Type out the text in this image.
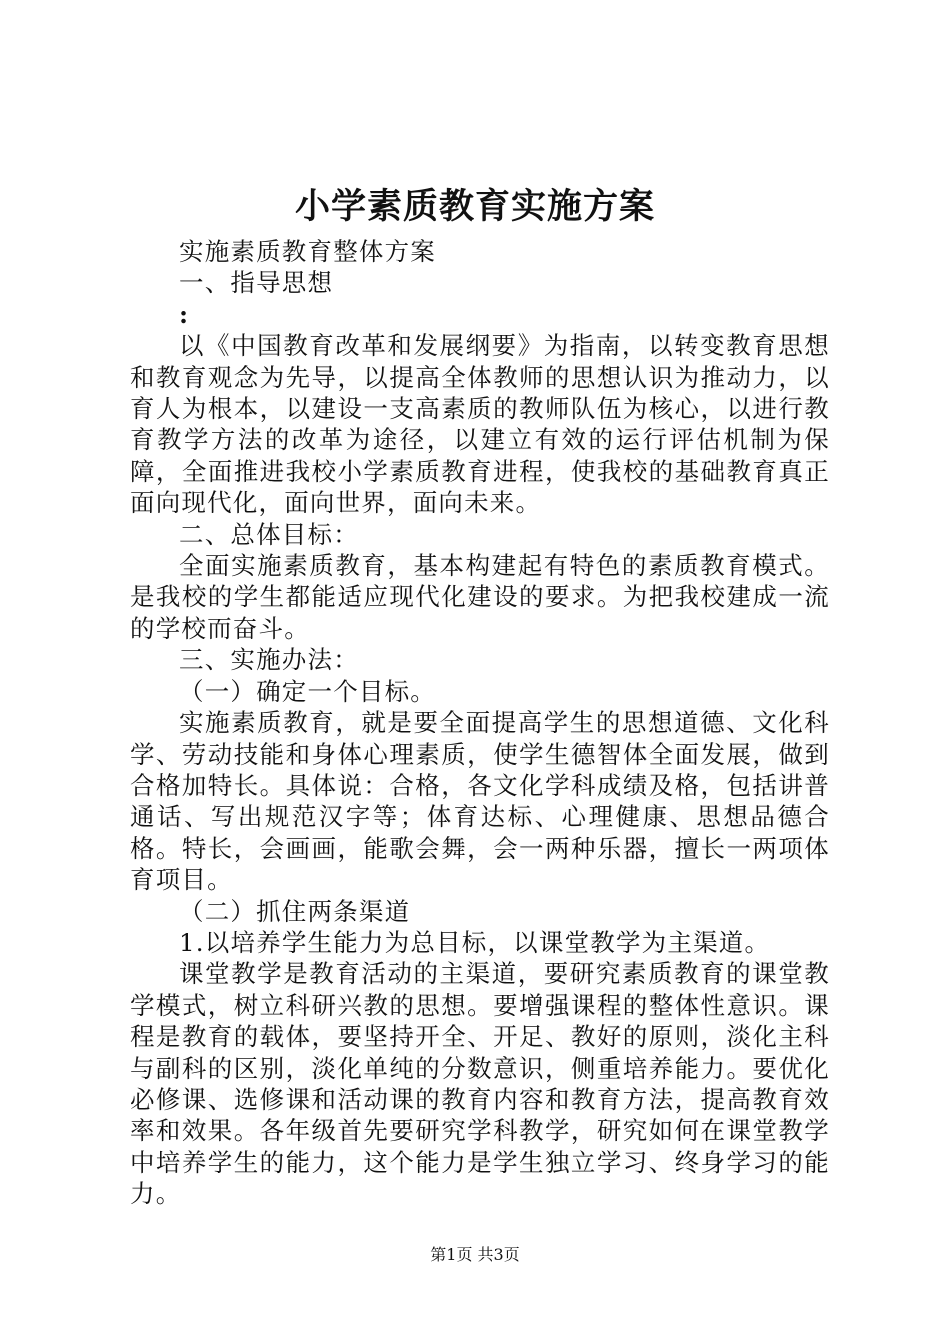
小学素质教育实施方案

实施素质教育整体方案

一、指导思想

:

以《中国教育改革和发展纲要》为指南，以转变教育思想和教育观念为先导，以提高全体教师的思想认识为推动力，以育人为根本，以建设一支高素质的教师队伍为核心，以进行教育教学方法的改革为途径，以建立有效的运行评估机制为保障，全面推进我校小学素质教育进程，使我校的基础教育真正面向现代化，面向世界，面向未来。

二、总体目标：

全面实施素质教育，基本构建起有特色的素质教育模式。是我校的学生都能适应现代化建设的要求。为把我校建成一流的学校而奋斗。

三、实施办法：

（一）确定一个目标。

实施素质教育，就是要全面提高学生的思想道德、文化科学、劳动技能和身体心理素质，使学生德智体全面发展，做到合格加特长。具体说：合格，各文化学科成绩及格，包括讲普通话、写出规范汉字等；体育达标、心理健康、思想品德合格。特长，会画画，能歌会舞，会一两种乐器，擅长一两项体育项目。

（二）抓住两条渠道

1.以培养学生能力为总目标，以课堂教学为主渠道。

课堂教学是教育活动的主渠道，要研究素质教育的课堂教学模式，树立科研兴教的思想。要增强课程的整体性意识。课程是教育的载体，要坚持开全、开足、教好的原则，淡化主科与副科的区别，淡化单纯的分数意识，侧重培养能力。要优化必修课、选修课和活动课的教育内容和教育方法，提高教育效率和效果。各年级首先要研究学科教学，研究如何在课堂教学中培养学生的能力，这个能力是学生独立学习、终身学习的能力。

第1页 共3页
